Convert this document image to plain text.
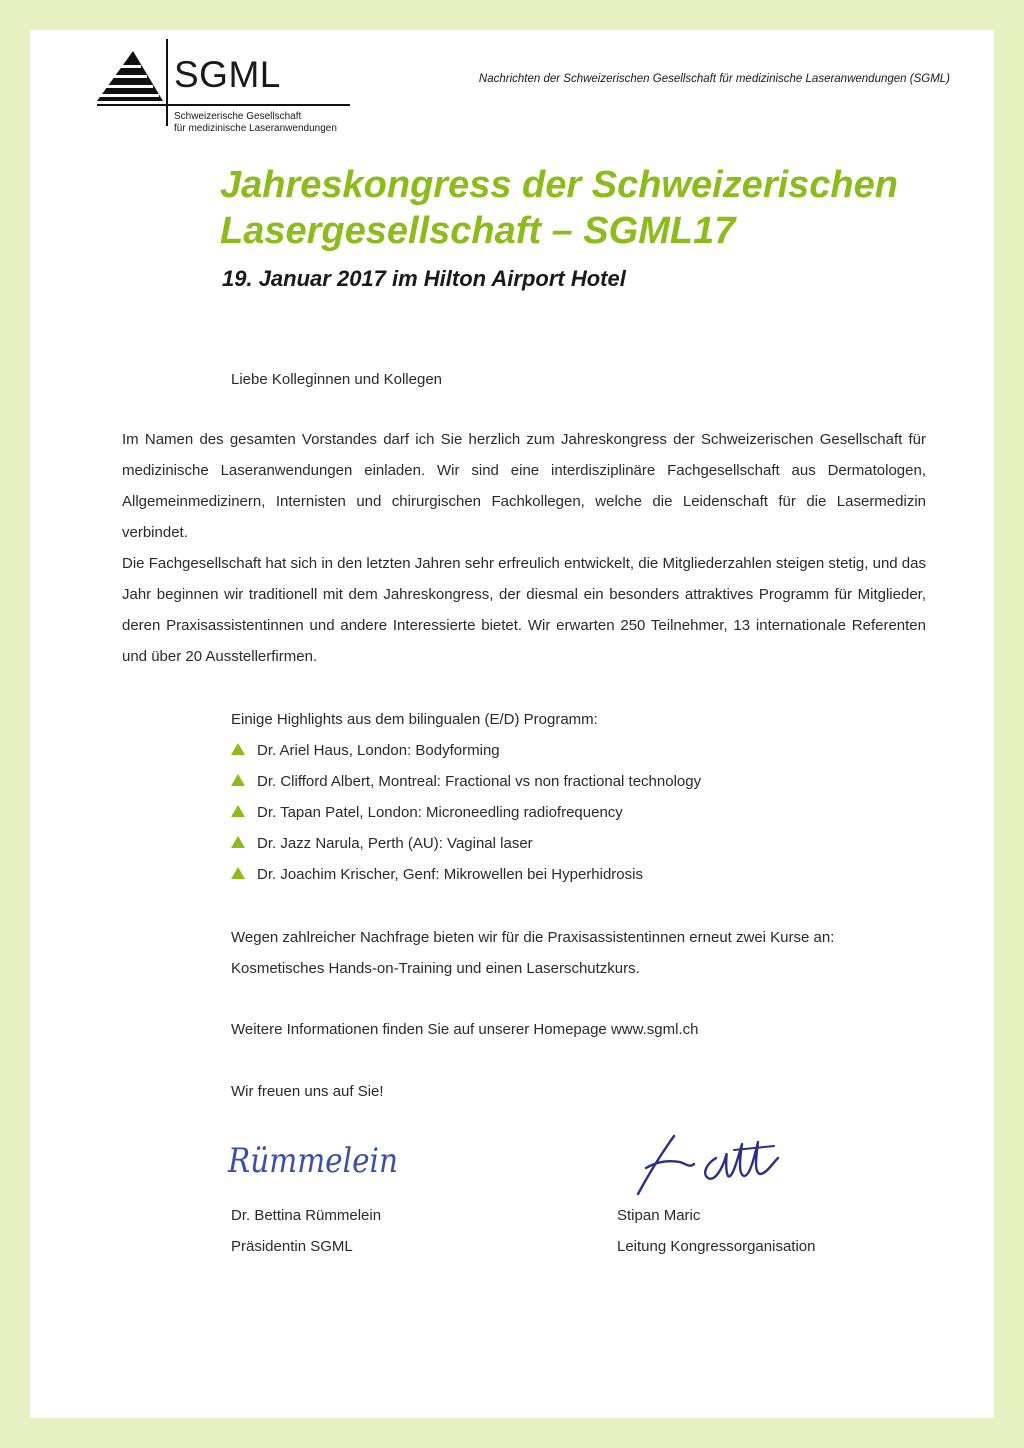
SGML
Schweizerische Gesellschaft
für medizinische Laseranwendungen
Nachrichten der Schweizerischen Gesellschaft für medizinische Laseranwendungen (SGML)
Jahreskongress der Schweizerischen
Lasergesellschaft – SGML17
19. Januar 2017 im Hilton Airport Hotel

Liebe Kolleginnen und Kollegen

Im Namen des gesamten Vorstandes darf ich Sie herzlich zum Jahreskongress der Schweizerischen Gesellschaft für medizinische Laseranwendungen einladen. Wir sind eine interdisziplinäre Fachgesellschaft aus Dermatologen, Allgemeinmedizinern, Internisten und chirurgischen Fachkollegen, welche die Leidenschaft für die Lasermedizin verbindet.

Die Fachgesellschaft hat sich in den letzten Jahren sehr erfreulich entwickelt, die Mitgliederzahlen steigen stetig, und das Jahr beginnen wir traditionell mit dem Jahreskongress, der diesmal ein besonders attraktives Programm für Mitglieder, deren Praxisassistentinnen und andere Interessierte bietet. Wir erwarten 250 Teilnehmer, 13 internationale Referenten und über 20 Ausstellerfirmen.

Einige Highlights aus dem bilingualen (E/D) Programm:

Dr. Ariel Haus, London: Bodyforming
Dr. Clifford Albert, Montreal: Fractional vs non fractional technology
Dr. Tapan Patel, London: Microneedling radiofrequency
Dr. Jazz Narula, Perth (AU): Vaginal laser
Dr. Joachim Krischer, Genf: Mikrowellen bei Hyperhidrosis

Wegen zahlreicher Nachfrage bieten wir für die Praxisassistentinnen erneut zwei Kurse an:
Kosmetisches Hands-on-Training und einen Laserschutzkurs.

Weitere Informationen finden Sie auf unserer Homepage www.sgml.ch

Wir freuen uns auf Sie!

Rümmelein
Dr. Bettina Rümmelein
Präsidentin SGML
Stipan Maric
Leitung Kongressorganisation
